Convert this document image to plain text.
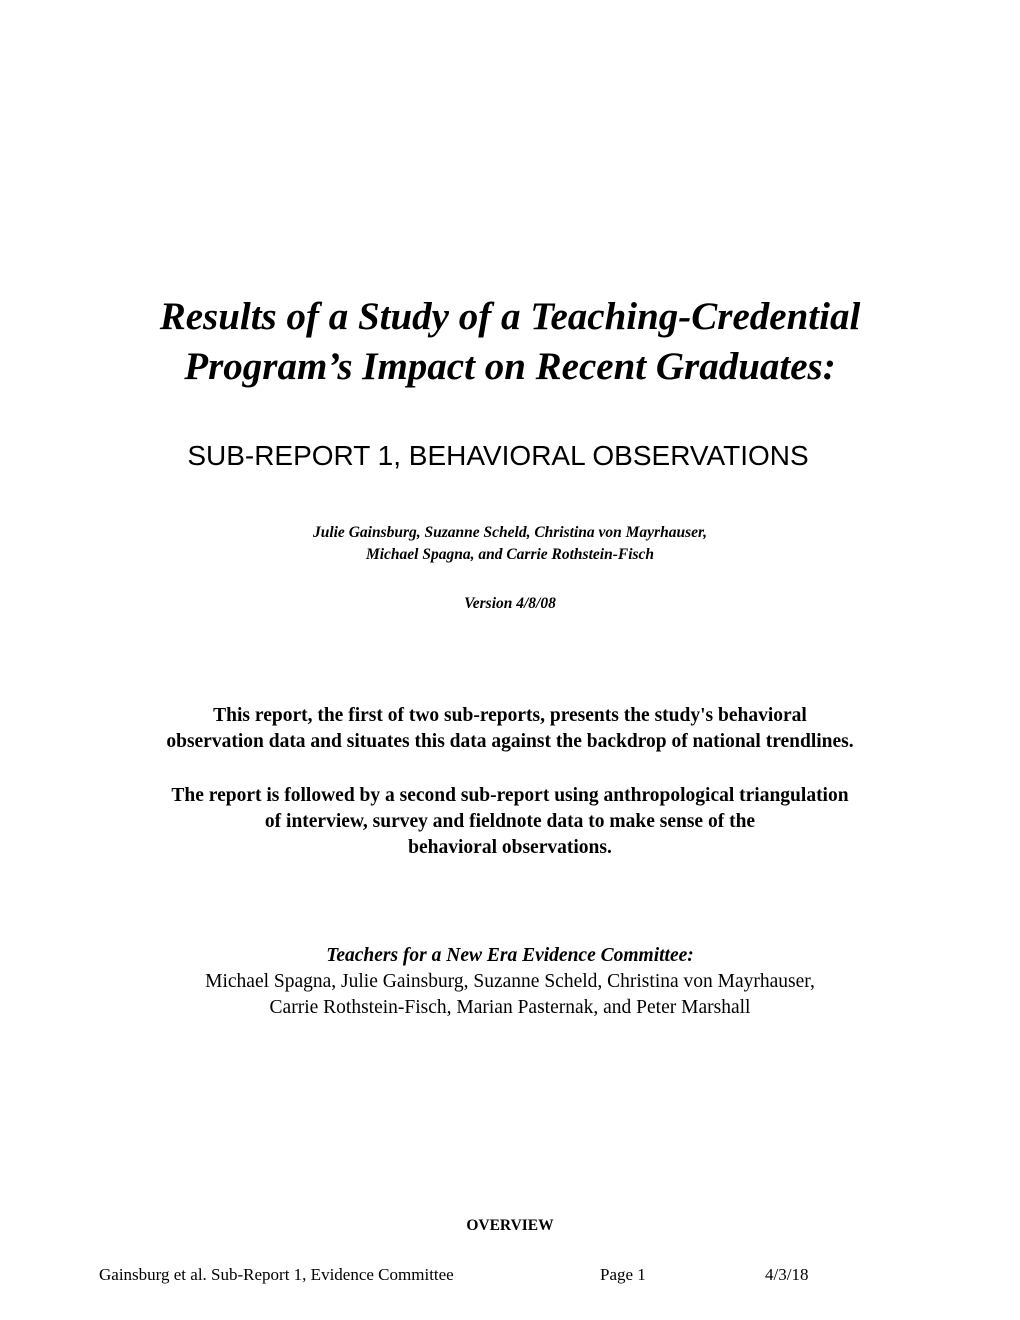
Results of a Study of a Teaching-Credential
Program’s Impact on Recent Graduates:
SUB-REPORT 1, BEHAVIORAL OBSERVATIONS
Julie Gainsburg, Suzanne Scheld, Christina von Mayrhauser,
Michael Spagna, and Carrie Rothstein-Fisch
Version 4/8/08
This report, the first of two sub-reports, presents the study's behavioral
observation data and situates this data against the backdrop of national trendlines.
The report is followed by a second sub-report using anthropological triangulation
of interview, survey and fieldnote data to make sense of the
behavioral observations.
Teachers for a New Era Evidence Committee:
Michael Spagna, Julie Gainsburg, Suzanne Scheld, Christina von Mayrhauser,
Carrie Rothstein-Fisch, Marian Pasternak, and Peter Marshall
OVERVIEW
Gainsburg et al. Sub-Report 1, Evidence Committee	Page 1	4/3/18
